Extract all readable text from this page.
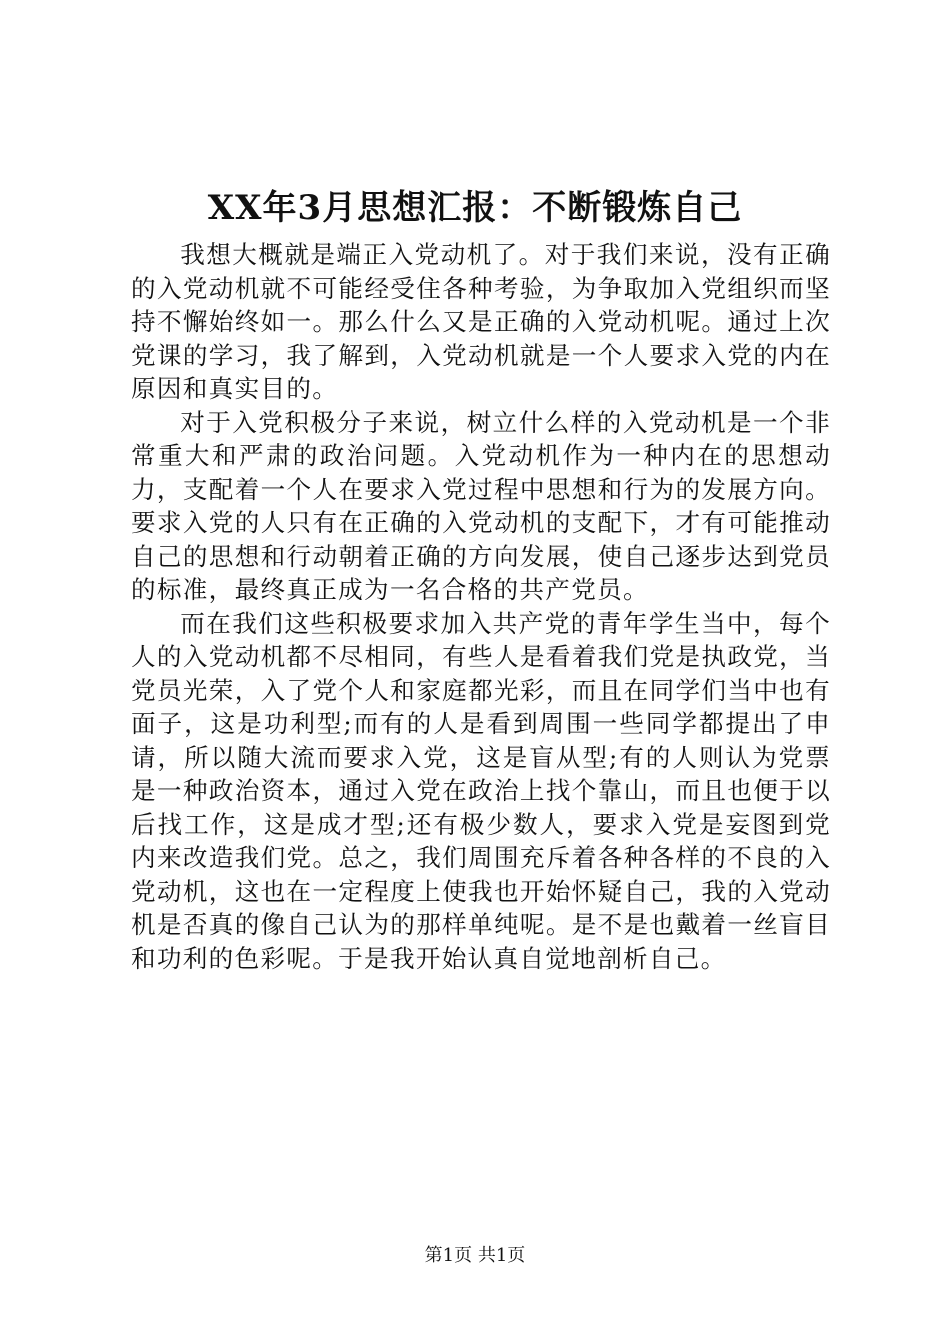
XX年3月思想汇报：不断锻炼自己

我想大概就是端正入党动机了。对于我们来说，没有正确的入党动机就不可能经受住各种考验，为争取加入党组织而坚持不懈始终如一。那么什么又是正确的入党动机呢。通过上次党课的学习，我了解到，入党动机就是一个人要求入党的内在原因和真实目的。

对于入党积极分子来说，树立什么样的入党动机是一个非常重大和严肃的政治问题。入党动机作为一种内在的思想动力，支配着一个人在要求入党过程中思想和行为的发展方向。要求入党的人只有在正确的入党动机的支配下，才有可能推动自己的思想和行动朝着正确的方向发展，使自己逐步达到党员的标准，最终真正成为一名合格的共产党员。

而在我们这些积极要求加入共产党的青年学生当中，每个人的入党动机都不尽相同，有些人是看着我们党是执政党，当党员光荣，入了党个人和家庭都光彩，而且在同学们当中也有面子，这是功利型;而有的人是看到周围一些同学都提出了申请，所以随大流而要求入党，这是盲从型;有的人则认为党票是一种政治资本，通过入党在政治上找个靠山，而且也便于以后找工作，这是成才型;还有极少数人，要求入党是妄图到党内来改造我们党。总之，我们周围充斥着各种各样的不良的入党动机，这也在一定程度上使我也开始怀疑自己，我的入党动机是否真的像自己认为的那样单纯呢。是不是也戴着一丝盲目和功利的色彩呢。于是我开始认真自觉地剖析自己。

第1页 共1页
